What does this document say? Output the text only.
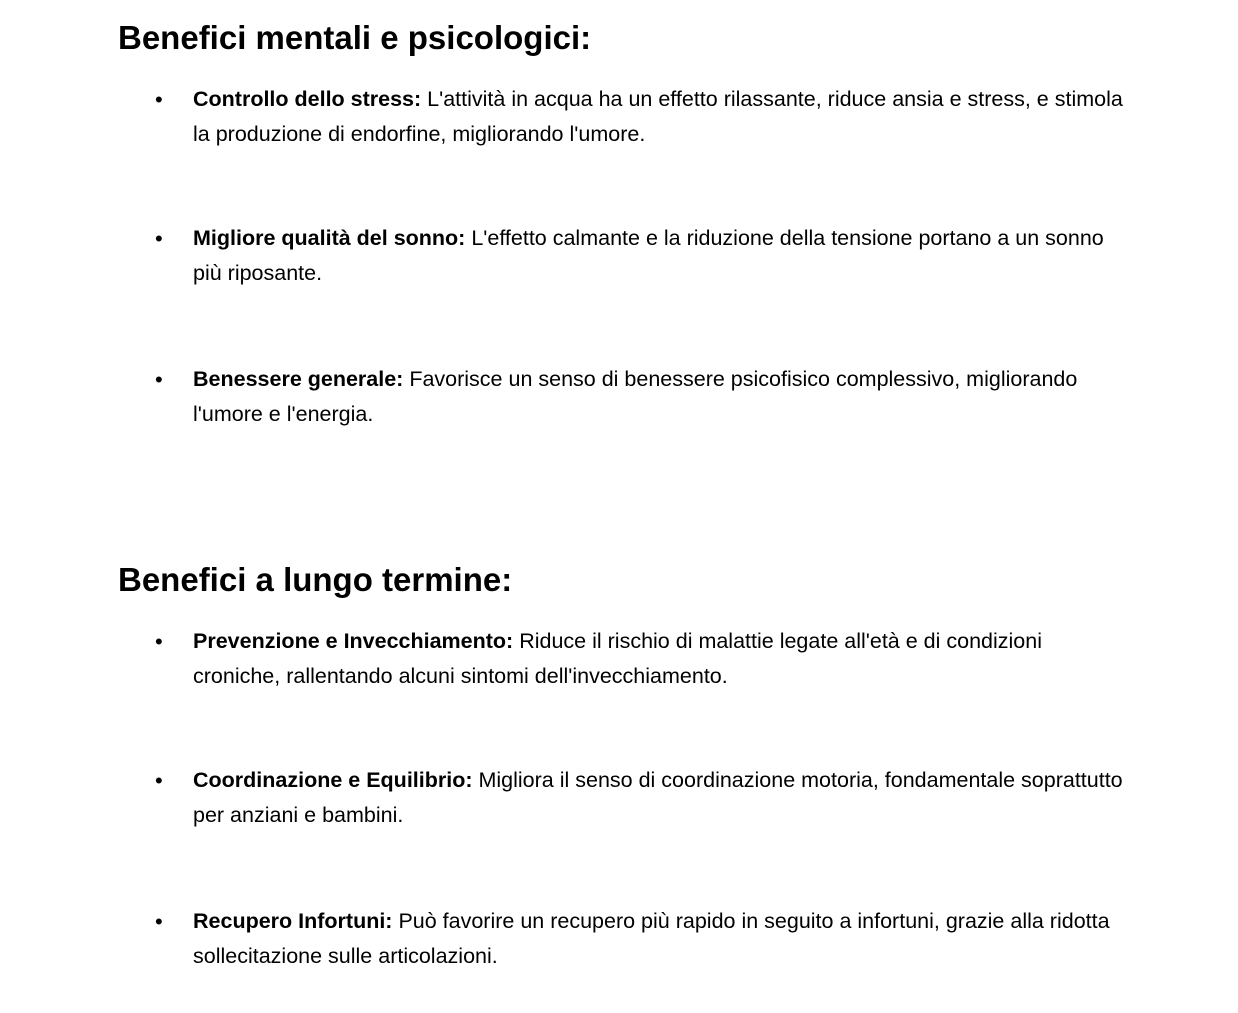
Benefici mentali e psicologici:
• Controllo dello stress: L'attività in acqua ha un effetto rilassante, riduce ansia e stress, e stimola la produzione di endorfine, migliorando l'umore.
• Migliore qualità del sonno: L'effetto calmante e la riduzione della tensione portano a un sonno più riposante.
• Benessere generale: Favorisce un senso di benessere psicofisico complessivo, migliorando l'umore e l'energia.
Benefici a lungo termine:
• Prevenzione e Invecchiamento: Riduce il rischio di malattie legate all'età e di condizioni croniche, rallentando alcuni sintomi dell'invecchiamento.
• Coordinazione e Equilibrio: Migliora il senso di coordinazione motoria, fondamentale soprattutto per anziani e bambini.
• Recupero Infortuni: Può favorire un recupero più rapido in seguito a infortuni, grazie alla ridotta sollecitazione sulle articolazioni.
